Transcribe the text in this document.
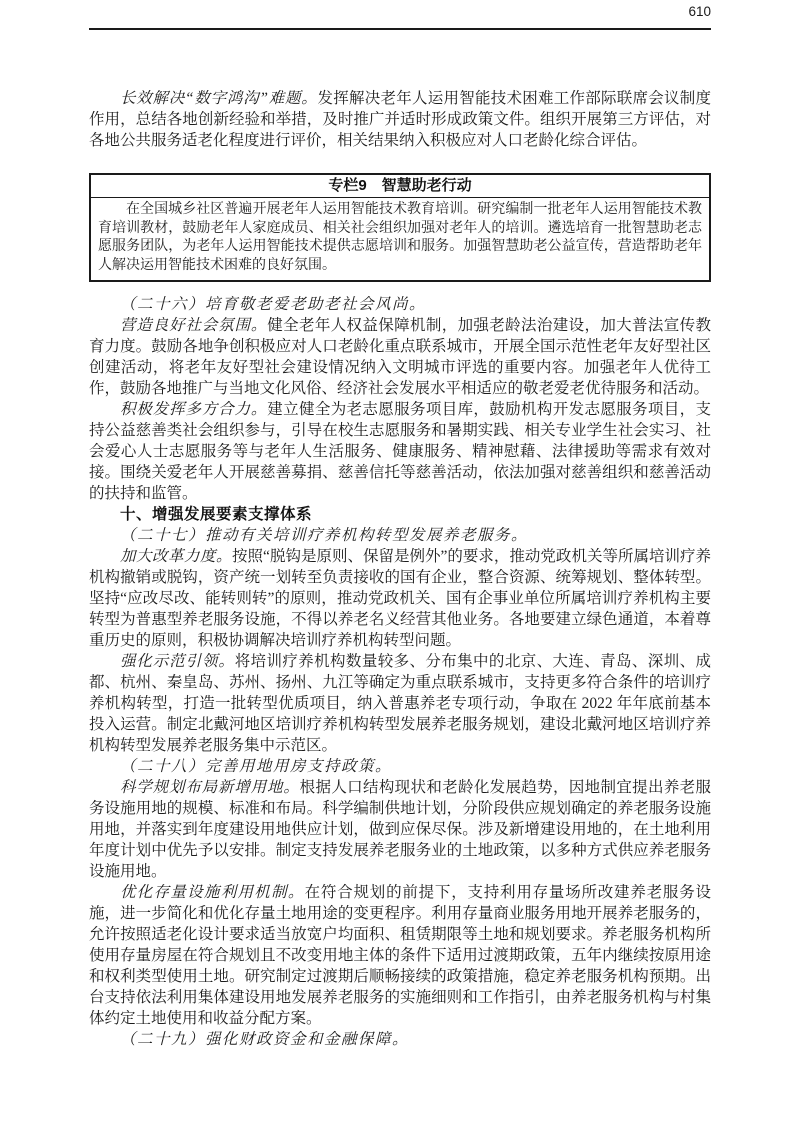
610

长效解决“数字鸿沟”难题。发挥解决老年人运用智能技术困难工作部际联席会议制度作用，总结各地创新经验和举措，及时推广并适时形成政策文件。组织开展第三方评估，对各地公共服务适老化程度进行评价，相关结果纳入积极应对人口老龄化综合评估。

专栏9　智慧助老行动

在全国城乡社区普遍开展老年人运用智能技术教育培训。研究编制一批老年人运用智能技术教育培训教材，鼓励老年人家庭成员、相关社会组织加强对老年人的培训。遴选培育一批智慧助老志愿服务团队，为老年人运用智能技术提供志愿培训和服务。加强智慧助老公益宣传，营造帮助老年人解决运用智能技术困难的良好氛围。

（二十六）培育敬老爱老助老社会风尚。

营造良好社会氛围。健全老年人权益保障机制，加强老龄法治建设，加大普法宣传教育力度。鼓励各地争创积极应对人口老龄化重点联系城市，开展全国示范性老年友好型社区创建活动，将老年友好型社会建设情况纳入文明城市评选的重要内容。加强老年人优待工作，鼓励各地推广与当地文化风俗、经济社会发展水平相适应的敬老爱老优待服务和活动。

积极发挥多方合力。建立健全为老志愿服务项目库，鼓励机构开发志愿服务项目，支持公益慈善类社会组织参与，引导在校生志愿服务和暑期实践、相关专业学生社会实习、社会爱心人士志愿服务等与老年人生活服务、健康服务、精神慰藉、法律援助等需求有效对接。围绕关爱老年人开展慈善募捐、慈善信托等慈善活动，依法加强对慈善组织和慈善活动的扶持和监管。

十、增强发展要素支撑体系

（二十七）推动有关培训疗养机构转型发展养老服务。

加大改革力度。按照“脱钩是原则、保留是例外”的要求，推动党政机关等所属培训疗养机构撤销或脱钩，资产统一划转至负责接收的国有企业，整合资源、统筹规划、整体转型。坚持“应改尽改、能转则转”的原则，推动党政机关、国有企事业单位所属培训疗养机构主要转型为普惠型养老服务设施，不得以养老名义经营其他业务。各地要建立绿色通道，本着尊重历史的原则，积极协调解决培训疗养机构转型问题。

强化示范引领。将培训疗养机构数量较多、分布集中的北京、大连、青岛、深圳、成都、杭州、秦皇岛、苏州、扬州、九江等确定为重点联系城市，支持更多符合条件的培训疗养机构转型，打造一批转型优质项目，纳入普惠养老专项行动，争取在 2022 年年底前基本投入运营。制定北戴河地区培训疗养机构转型发展养老服务规划，建设北戴河地区培训疗养机构转型发展养老服务集中示范区。

（二十八）完善用地用房支持政策。

科学规划布局新增用地。根据人口结构现状和老龄化发展趋势，因地制宜提出养老服务设施用地的规模、标准和布局。科学编制供地计划，分阶段供应规划确定的养老服务设施用地，并落实到年度建设用地供应计划，做到应保尽保。涉及新增建设用地的，在土地利用年度计划中优先予以安排。制定支持发展养老服务业的土地政策，以多种方式供应养老服务设施用地。

优化存量设施利用机制。在符合规划的前提下，支持利用存量场所改建养老服务设施，进一步简化和优化存量土地用途的变更程序。利用存量商业服务用地开展养老服务的，允许按照适老化设计要求适当放宽户均面积、租赁期限等土地和规划要求。养老服务机构所使用存量房屋在符合规划且不改变用地主体的条件下适用过渡期政策，五年内继续按原用途和权利类型使用土地。研究制定过渡期后顺畅接续的政策措施，稳定养老服务机构预期。出台支持依法利用集体建设用地发展养老服务的实施细则和工作指引，由养老服务机构与村集体约定土地使用和收益分配方案。

（二十九）强化财政资金和金融保障。
